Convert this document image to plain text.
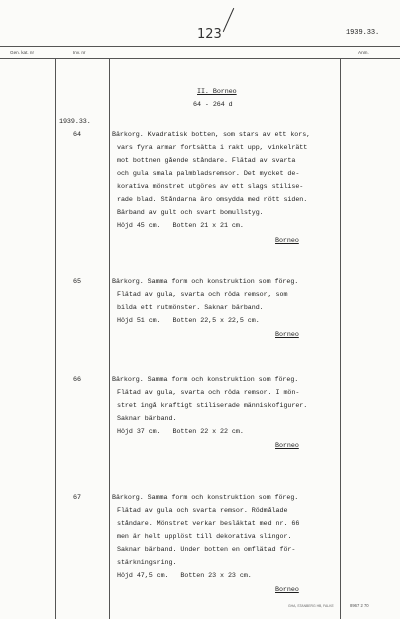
123	1939.33.
Gen. kat. nr	Inv. nr	Anm.
II. Borneo
64 - 264 d
1939.33.
64	Bärkorg. Kvadratisk botten, som stars av ett kors,
vars fyra armar fortsätta i rakt upp, vinkelrätt
mot bottnen gående ståndare. Flätad av svarta
och gula smala palmbladsremsor. Det mycket de-
korativa mönstret utgöres av ett slags stilise-
rade blad. Ståndarna äro omsydda med rött siden.
Bärband av gult och svart bomullstyg.
Höjd 45 cm.   Botten 21 x 21 cm.
Borneo
65	Bärkorg. Samma form och konstruktion som föreg.
Flätad av gula, svarta och röda remsor, som
bilda ett rutmönster. Saknar bärband.
Höjd 51 cm.   Botten 22,5 x 22,5 cm.
Borneo
66	Bärkorg. Samma form och konstruktion som föreg.
Flätad av gula, svarta och röda remsor. I mön-
stret ingå kraftigt stiliserade människofigurer.
Saknar bärband.
Höjd 37 cm.   Botten 22 x 22 cm.
Borneo
67	Bärkorg. Samma form och konstruktion som föreg.
Flätad av gula och svarta remsor. Rödmålade
ståndare. Mönstret verkar besläktat med nr. 66
men är helt upplöst till dekorativa slingor.
Saknar bärband. Under botten en omflätad för-
stärkningsring.
Höjd 47,5 cm.   Botten 23 x 23 cm.
Borneo
GHA, STANBERG HB, FALKE	8967 2 70
